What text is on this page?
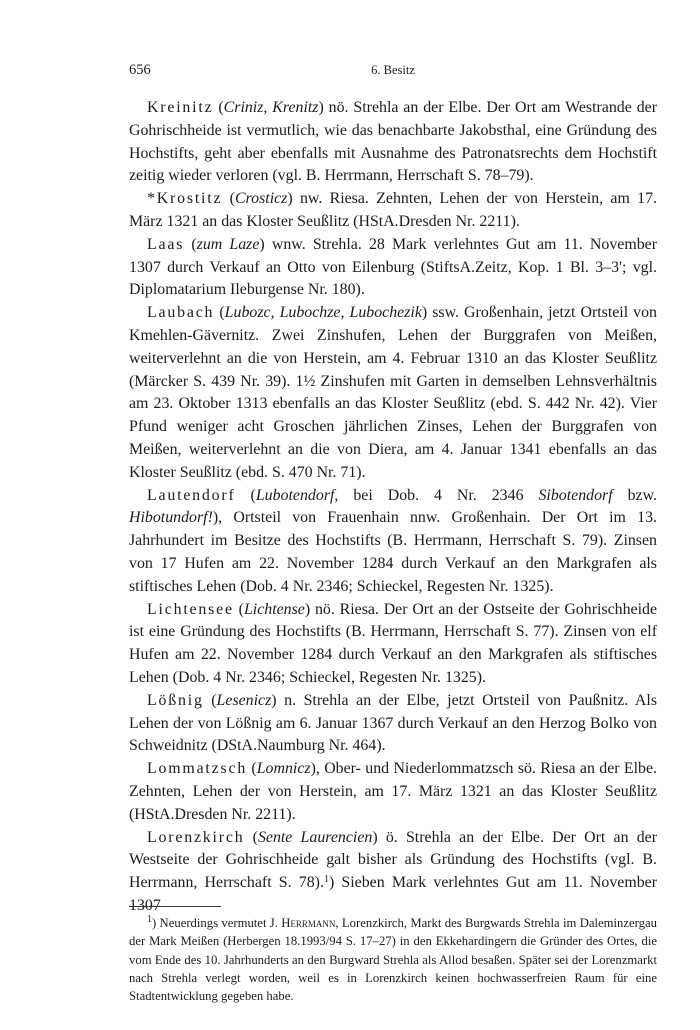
656	6. Besitz

Kreinitz (Criniz, Krenitz) nö. Strehla an der Elbe. Der Ort am Westrande der Gohrischheide ist vermutlich, wie das benachbarte Jakobsthal, eine Gründung des Hochstifts, geht aber ebenfalls mit Ausnahme des Patronatsrechts dem Hochstift zeitig wieder verloren (vgl. B. Herrmann, Herrschaft S. 78–79).

*Krostitz (Crosticz) nw. Riesa. Zehnten, Lehen der von Herstein, am 17. März 1321 an das Kloster Seußlitz (HStA.Dresden Nr. 2211).

Laas (zum Laze) wnw. Strehla. 28 Mark verlehntes Gut am 11. November 1307 durch Verkauf an Otto von Eilenburg (StiftsA.Zeitz, Kop. 1 Bl. 3–3'; vgl. Diplomatarium Ileburgense Nr. 180).

Laubach (Lubozc, Lubochze, Lubochezik) ssw. Großenhain, jetzt Ortsteil von Kmehlen-Gävernitz. Zwei Zinshufen, Lehen der Burggrafen von Meißen, weiterverlehnt an die von Herstein, am 4. Februar 1310 an das Kloster Seußlitz (Märcker S. 439 Nr. 39). 1½ Zinshufen mit Garten in demselben Lehnsverhältnis am 23. Oktober 1313 ebenfalls an das Kloster Seußlitz (ebd. S. 442 Nr. 42). Vier Pfund weniger acht Groschen jährlichen Zinses, Lehen der Burggrafen von Meißen, weiterverlehnt an die von Diera, am 4. Januar 1341 ebenfalls an das Kloster Seußlitz (ebd. S. 470 Nr. 71).

Lautendorf (Lubotendorf, bei Dob. 4 Nr. 2346 Sibotendorf bzw. Hibotundorf!), Ortsteil von Frauenhain nnw. Großenhain. Der Ort im 13. Jahrhundert im Besitze des Hochstifts (B. Herrmann, Herrschaft S. 79). Zinsen von 17 Hufen am 22. November 1284 durch Verkauf an den Markgrafen als stiftisches Lehen (Dob. 4 Nr. 2346; Schieckel, Regesten Nr. 1325).

Lichtensee (Lichtense) nö. Riesa. Der Ort an der Ostseite der Gohrischheide ist eine Gründung des Hochstifts (B. Herrmann, Herrschaft S. 77). Zinsen von elf Hufen am 22. November 1284 durch Verkauf an den Markgrafen als stiftisches Lehen (Dob. 4 Nr. 2346; Schieckel, Regesten Nr. 1325).

Lößnig (Lesenicz) n. Strehla an der Elbe, jetzt Ortsteil von Paußnitz. Als Lehen der von Lößnig am 6. Januar 1367 durch Verkauf an den Herzog Bolko von Schweidnitz (DStA.Naumburg Nr. 464).

Lommatzsch (Lomnicz), Ober- und Niederlommatzsch sö. Riesa an der Elbe. Zehnten, Lehen der von Herstein, am 17. März 1321 an das Kloster Seußlitz (HStA.Dresden Nr. 2211).

Lorenzkirch (Sente Laurencien) ö. Strehla an der Elbe. Der Ort an der Westseite der Gohrischheide galt bisher als Gründung des Hochstifts (vgl. B. Herrmann, Herrschaft S. 78).$^1$) Sieben Mark verlehntes Gut am 11. November 1307

$^1$) Neuerdings vermutet J. Herrmann, Lorenzkirch, Markt des Burgwards Strehla im Daleminzergau der Mark Meißen (Herbergen 18.1993/94 S. 17–27) in den Ekkehardingern die Gründer des Ortes, die vom Ende des 10. Jahrhunderts an den Burgward Strehla als Allod besaßen. Später sei der Lorenzmarkt nach Strehla verlegt worden, weil es in Lorenzkirch keinen hochwasserfreien Raum für eine Stadtentwicklung gegeben habe.
